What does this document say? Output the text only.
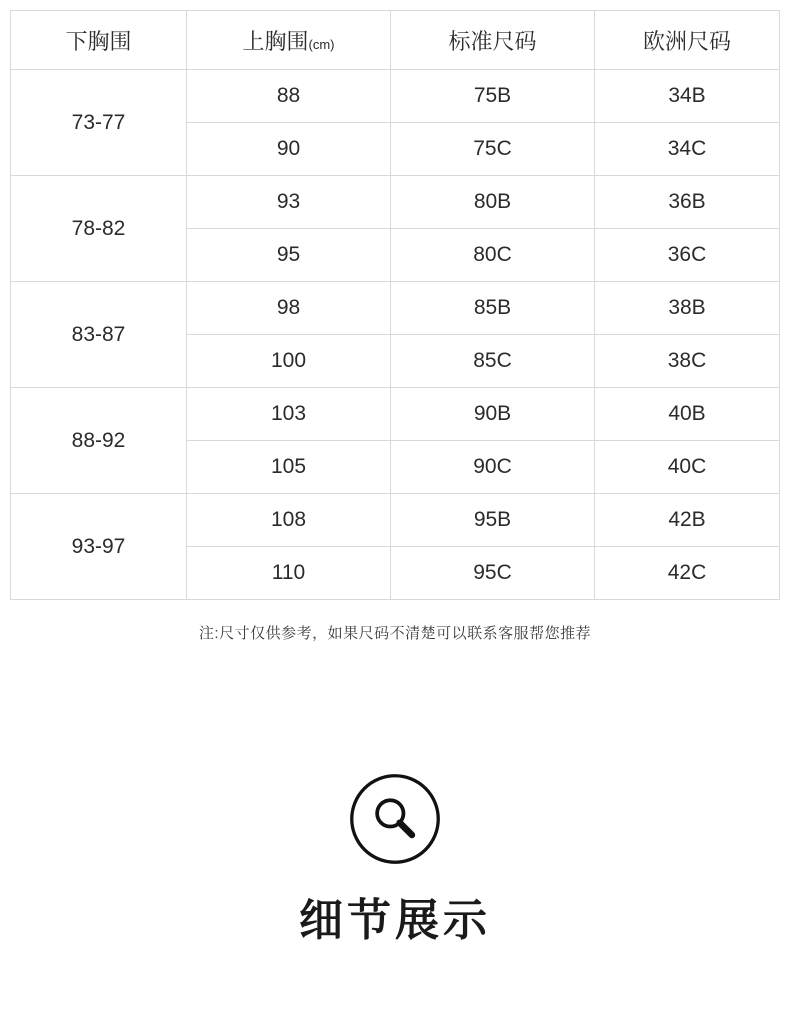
下胸围	上胸围(cm)	标准尺码	欧洲尺码
73-77	88	75B	34B
	90	75C	34C
78-82	93	80B	36B
	95	80C	36C
83-87	98	85B	38B
	100	85C	38C
88-92	103	90B	40B
	105	90C	40C
93-97	108	95B	42B
	110	95C	42C
注:尺寸仅供参考，如果尺码不清楚可以联系客服帮您推荐
细节展示
